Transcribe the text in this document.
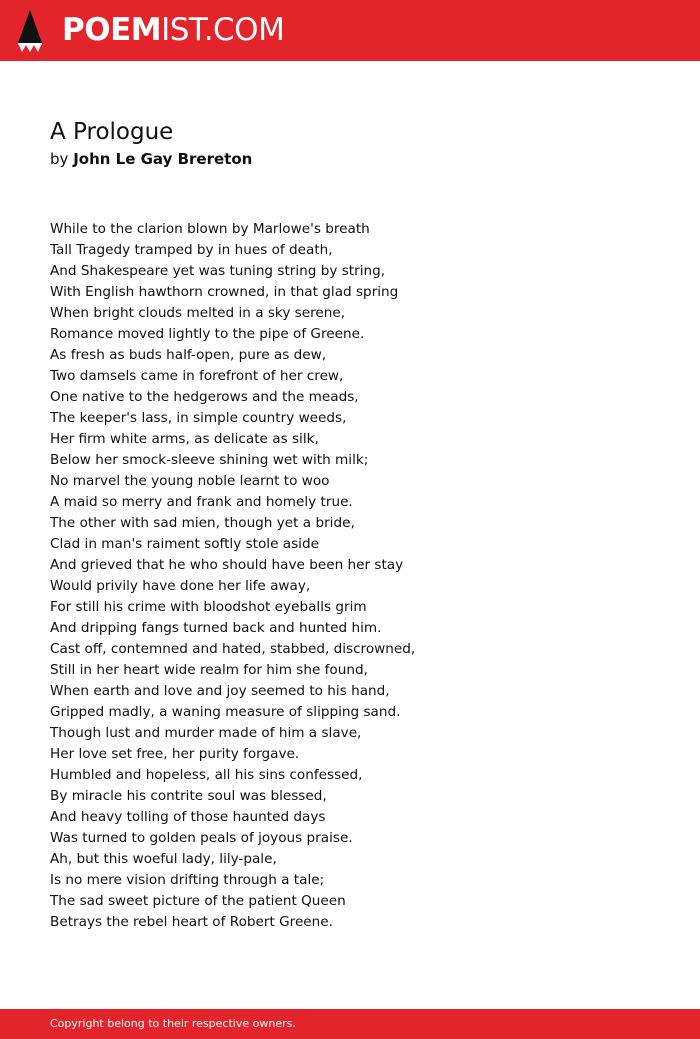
POEMIST.COM
A Prologue
by John Le Gay Brereton
While to the clarion blown by Marlowe's breath
Tall Tragedy tramped by in hues of death,
And Shakespeare yet was tuning string by string,
With English hawthorn crowned, in that glad spring
When bright clouds melted in a sky serene,
Romance moved lightly to the pipe of Greene.
As fresh as buds half-open, pure as dew,
Two damsels came in forefront of her crew,
One native to the hedgerows and the meads,
The keeper's lass, in simple country weeds,
Her firm white arms, as delicate as silk,
Below her smock-sleeve shining wet with milk;
No marvel the young noble learnt to woo
A maid so merry and frank and homely true.
The other with sad mien, though yet a bride,
Clad in man's raiment softly stole aside
And grieved that he who should have been her stay
Would privily have done her life away,
For still his crime with bloodshot eyeballs grim
And dripping fangs turned back and hunted him.
Cast off, contemned and hated, stabbed, discrowned,
Still in her heart wide realm for him she found,
When earth and love and joy seemed to his hand,
Gripped madly, a waning measure of slipping sand.
Though lust and murder made of him a slave,
Her love set free, her purity forgave.
Humbled and hopeless, all his sins confessed,
By miracle his contrite soul was blessed,
And heavy tolling of those haunted days
Was turned to golden peals of joyous praise.
Ah, but this woeful lady, lily-pale,
Is no mere vision drifting through a tale;
The sad sweet picture of the patient Queen
Betrays the rebel heart of Robert Greene.
Copyright belong to their respective owners.
